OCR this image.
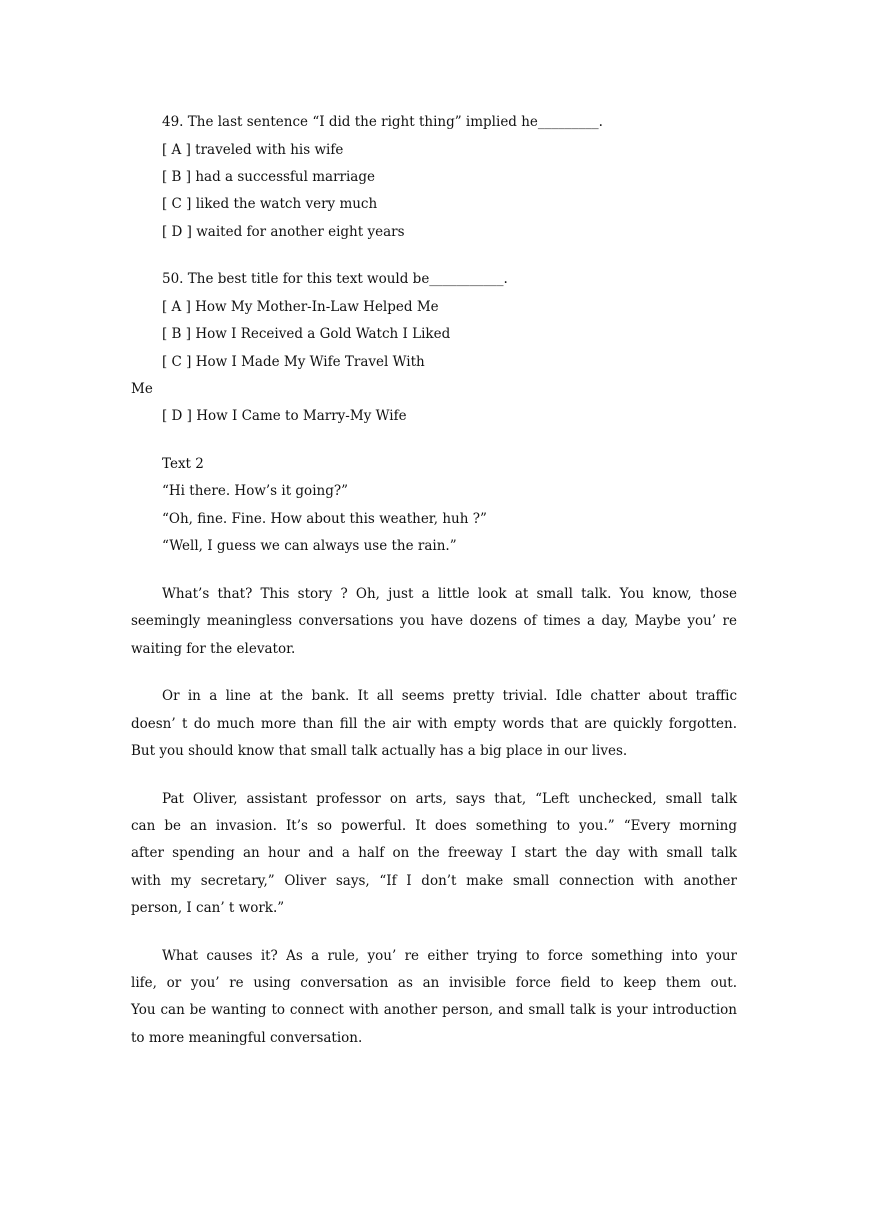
49. The last sentence “I did the right thing” implied he_________.
[ A ] traveled with his wife
[ B ] had a successful marriage
[ C ] liked the watch very much
[ D ] waited for another eight years
50. The best title for this text would be___________.
[ A ] How My Mother-In-Law Helped Me
[ B ] How I Received a Gold Watch I Liked
[ C ] How I Made My Wife Travel With
Me
[ D ] How I Came to Marry-My Wife
Text 2
“Hi there. How’s it going?”
“Oh, fine. Fine. How about this weather, huh ?”
“Well, I guess we can always use the rain.”
What’s that? This story ? Oh, just a little look at small talk. You know, those
seemingly meaningless conversations you have dozens of times a day, Maybe you’ re
waiting for the elevator.
Or in a line at the bank. It all seems pretty trivial. Idle chatter about traffic
doesn’ t do much more than fill the air with empty words that are quickly forgotten.
But you should know that small talk actually has a big place in our lives.
Pat Oliver, assistant professor on arts, says that, “Left unchecked, small talk
can be an invasion. It’s so powerful. It does something to you.” “Every morning
after spending an hour and a half on the freeway I start the day with small talk
with my secretary,” Oliver says, “If I don’t make small connection with another
person, I can’ t work.”
What causes it? As a rule, you’ re either trying to force something into your
life, or you’ re using conversation as an invisible force field to keep them out.
You can be wanting to connect with another person, and small talk is your introduction
to more meaningful conversation.
